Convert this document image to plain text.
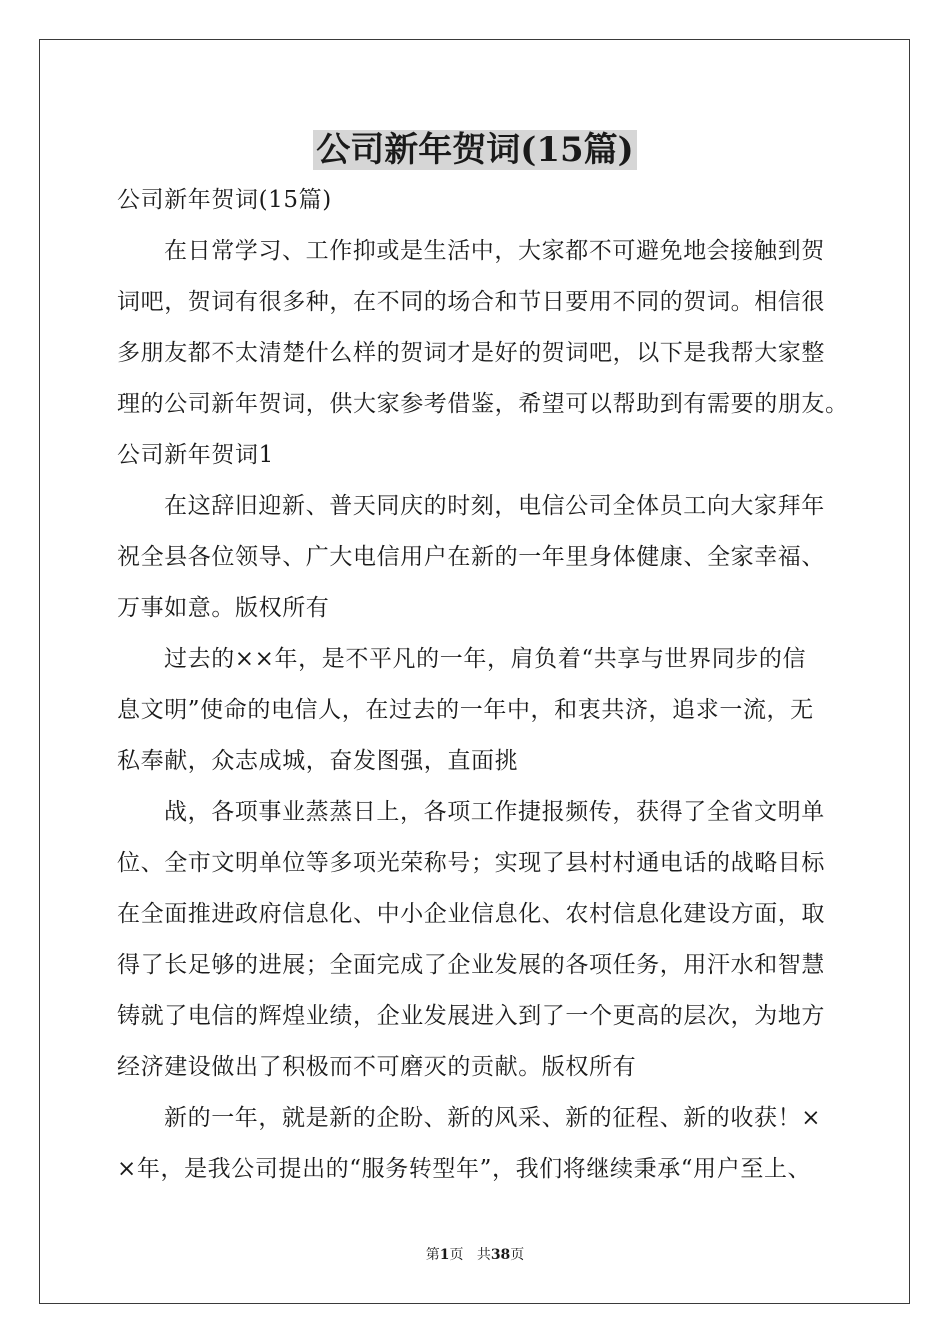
公司新年贺词(15篇)
公司新年贺词(15篇)
在日常学习、工作抑或是生活中，大家都不可避免地会接触到贺
词吧，贺词有很多种，在不同的场合和节日要用不同的贺词。相信很
多朋友都不太清楚什么样的贺词才是好的贺词吧，以下是我帮大家整
理的公司新年贺词，供大家参考借鉴，希望可以帮助到有需要的朋友。
公司新年贺词1
在这辞旧迎新、普天同庆的时刻，电信公司全体员工向大家拜年
祝全县各位领导、广大电信用户在新的一年里身体健康、全家幸福、
万事如意。版权所有
过去的××年，是不平凡的一年，肩负着“共享与世界同步的信
息文明”使命的电信人，在过去的一年中，和衷共济，追求一流，无
私奉献，众志成城，奋发图强，直面挑
战，各项事业蒸蒸日上，各项工作捷报频传，获得了全省文明单
位、全市文明单位等多项光荣称号；实现了县村村通电话的战略目标
在全面推进政府信息化、中小企业信息化、农村信息化建设方面，取
得了长足够的进展；全面完成了企业发展的各项任务，用汗水和智慧
铸就了电信的辉煌业绩，企业发展进入到了一个更高的层次，为地方
经济建设做出了积极而不可磨灭的贡献。版权所有
新的一年，就是新的企盼、新的风采、新的征程、新的收获！×
×年，是我公司提出的“服务转型年”，我们将继续秉承“用户至上、
第1页 共38页
